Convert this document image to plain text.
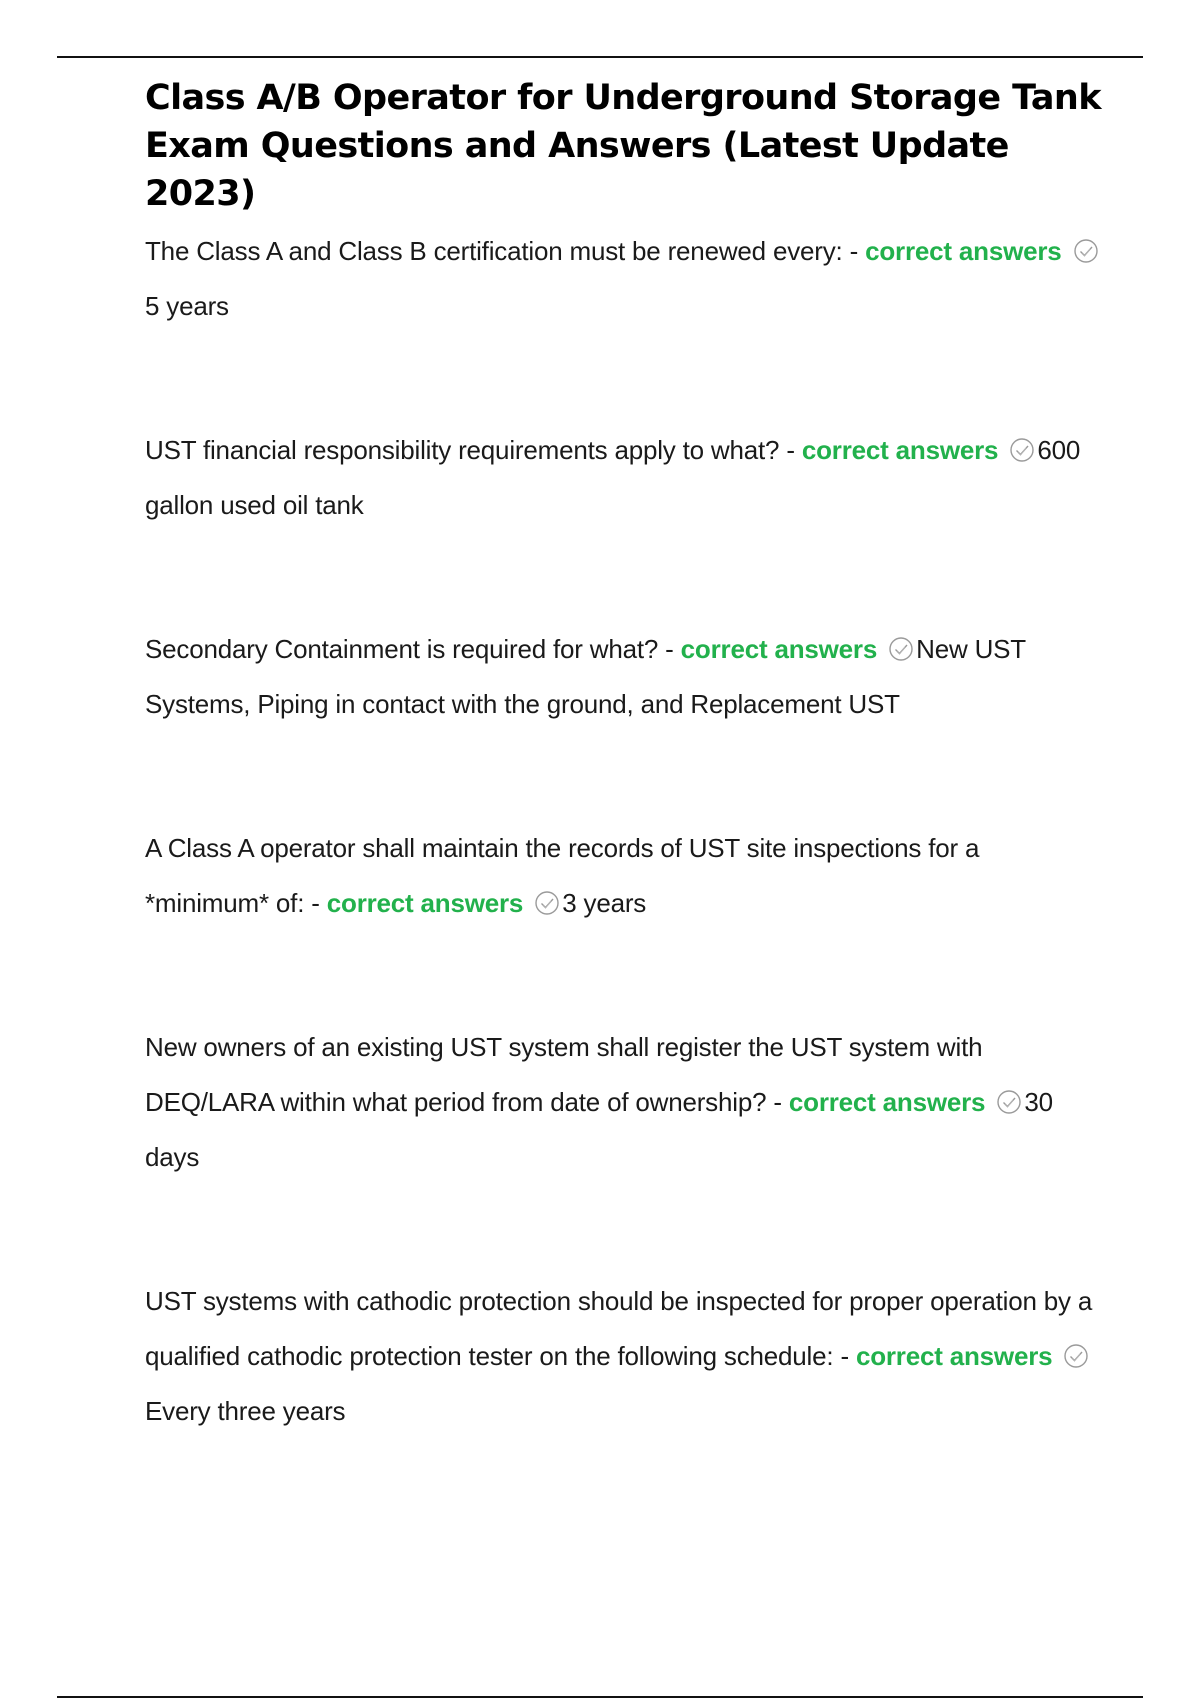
Class A/B Operator for Underground Storage Tank Exam Questions and Answers (Latest Update 2023)

The Class A and Class B certification must be renewed every: - correct answers
5 years

UST financial responsibility requirements apply to what? - correct answers 600 gallon used oil tank

Secondary Containment is required for what? - correct answers New UST Systems, Piping in contact with the ground, and Replacement UST

A Class A operator shall maintain the records of UST site inspections for a *minimum* of: - correct answers 3 years

New owners of an existing UST system shall register the UST system with DEQ/LARA within what period from date of ownership? - correct answers 30 days

UST systems with cathodic protection should be inspected for proper operation by a qualified cathodic protection tester on the following schedule: - correct answers
Every three years
